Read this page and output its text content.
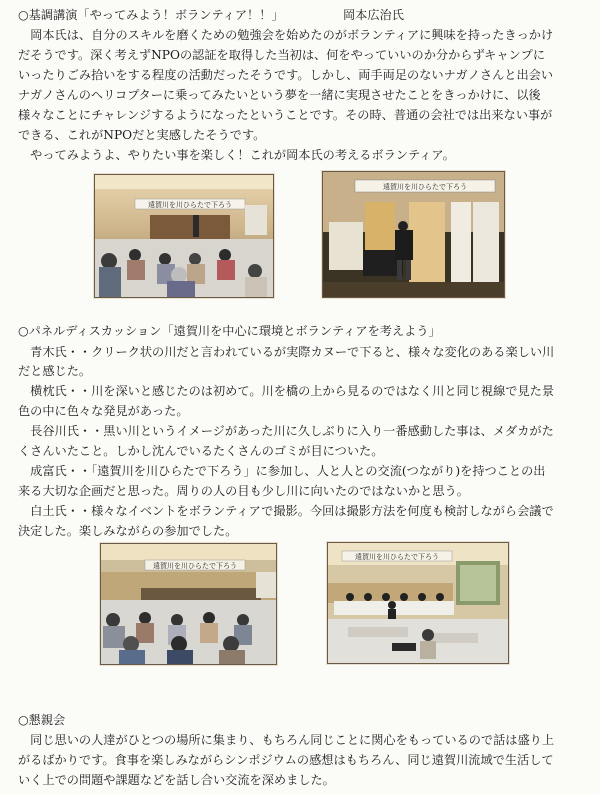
○基調講演「やってみよう！ボランティア！！」	岡本広治氏
　岡本氏は、自分のスキルを磨くための勉強会を始めたのがボランティアに興味を持ったきっかけ
だそうです。深く考えずNPOの認証を取得した当初は、何をやっていいのか分からずキャンプに
いったりごみ拾いをする程度の活動だったそうです。しかし、両手両足のないナガノさんと出会い
ナガノさんのヘリコプターに乗ってみたいという夢を一緒に実現させたことをきっかけに、以後
様々なことにチャレンジするようになったということです。その時、普通の会社では出来ない事が
できる、これがNPOだと実感したそうです。
　やってみようよ、やりたい事を楽しく！これが岡本氏の考えるボランティア。
遠賀川を川ひらたで下ろう
遠賀川を川ひらたで下ろう
○パネルディスカッション「遠賀川を中心に環境とボランティアを考えよう」
　青木氏・・クリーク状の川だと言われているが実際カヌーで下ると、様々な変化のある楽しい川
だと感じた。
　横枕氏・・川を深いと感じたのは初めて。川を橋の上から見るのではなく川と同じ視線で見た景
色の中に色々な発見があった。
　長谷川氏・・黒い川というイメージがあった川に久しぶりに入り一番感動した事は、メダカがた
くさんいたこと。しかし沈んでいるたくさんのゴミが目についた。
　成富氏・・「遠賀川を川ひらたで下ろう」に参加し、人と人との交流(つながり)を持つことの出
来る大切な企画だと思った。周りの人の目も少し川に向いたのではないかと思う。
　白土氏・・様々なイベントをボランティアで撮影。今回は撮影方法を何度も検討しながら会議で
決定した。楽しみながらの参加でした。
遠賀川を川ひらたで下ろう
遠賀川を川ひらたで下ろう
○懇親会
　同じ思いの人達がひとつの場所に集まり、もちろん同じことに関心をもっているので話は盛り上
がるばかりです。食事を楽しみながらシンポジウムの感想はもちろん、同じ遠賀川流域で生活して
いく上での問題や課題などを話し合い交流を深めました。
